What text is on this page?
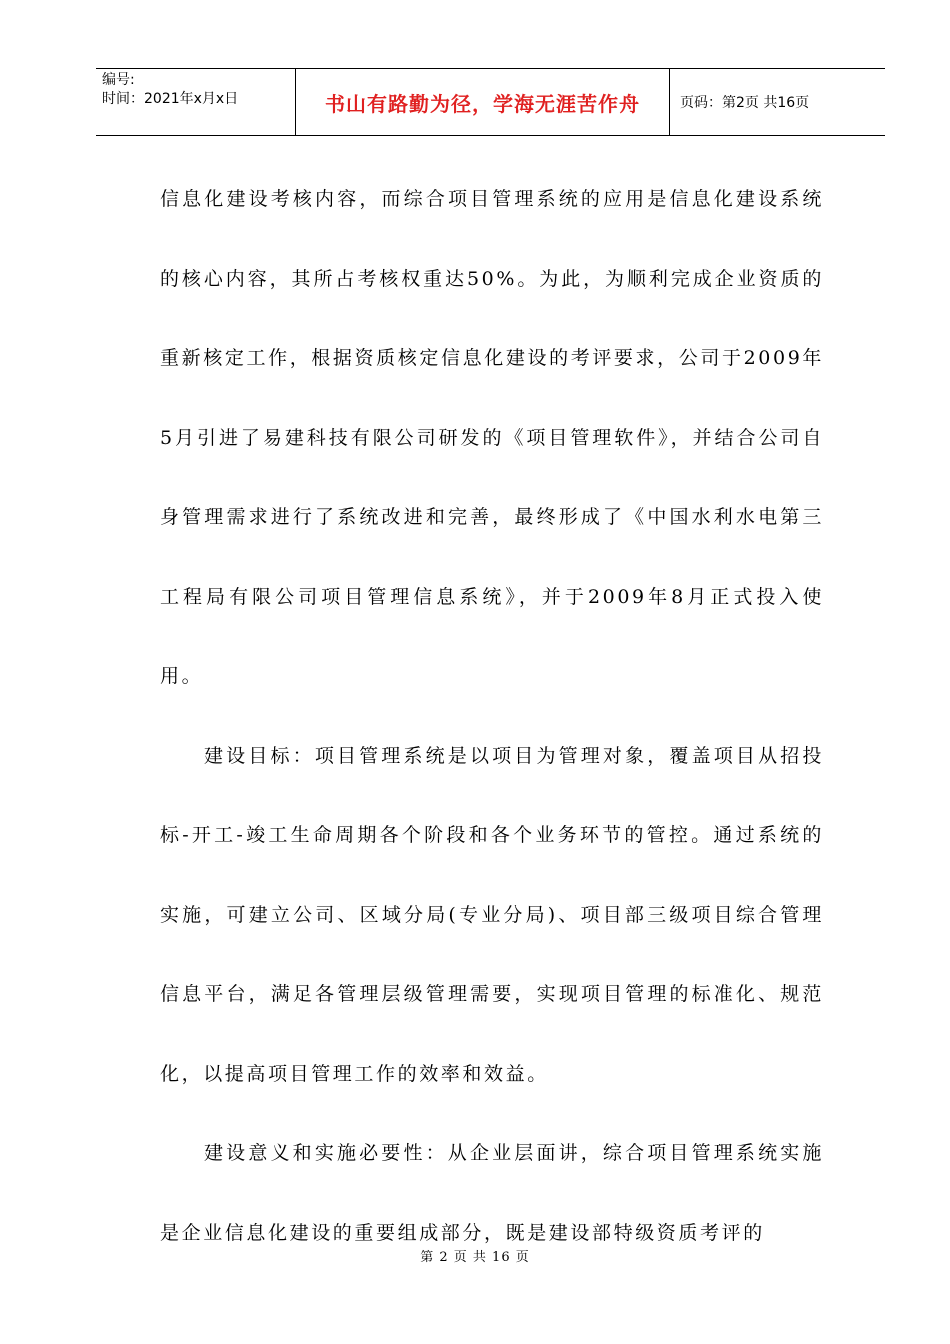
编号:
时间：2021年x月x日	书山有路勤为径，学海无涯苦作舟	页码：第2页 共16页

信息化建设考核内容，而综合项目管理系统的应用是信息化建设系统的核心内容，其所占考核权重达50%。为此，为顺利完成企业资质的重新核定工作，根据资质核定信息化建设的考评要求，公司于2009年5月引进了易建科技有限公司研发的《项目管理软件》，并结合公司自身管理需求进行了系统改进和完善，最终形成了《中国水利水电第三工程局有限公司项目管理信息系统》，并于2009年8月正式投入使用。

建设目标：项目管理系统是以项目为管理对象，覆盖项目从招投标-开工-竣工生命周期各个阶段和各个业务环节的管控。通过系统的实施，可建立公司、区域分局(专业分局)、项目部三级项目综合管理信息平台，满足各管理层级管理需要，实现项目管理的标准化、规范化，以提高项目管理工作的效率和效益。

建设意义和实施必要性：从企业层面讲，综合项目管理系统实施是企业信息化建设的重要组成部分，既是建设部特级资质考评的

第 2 页 共 16 页
